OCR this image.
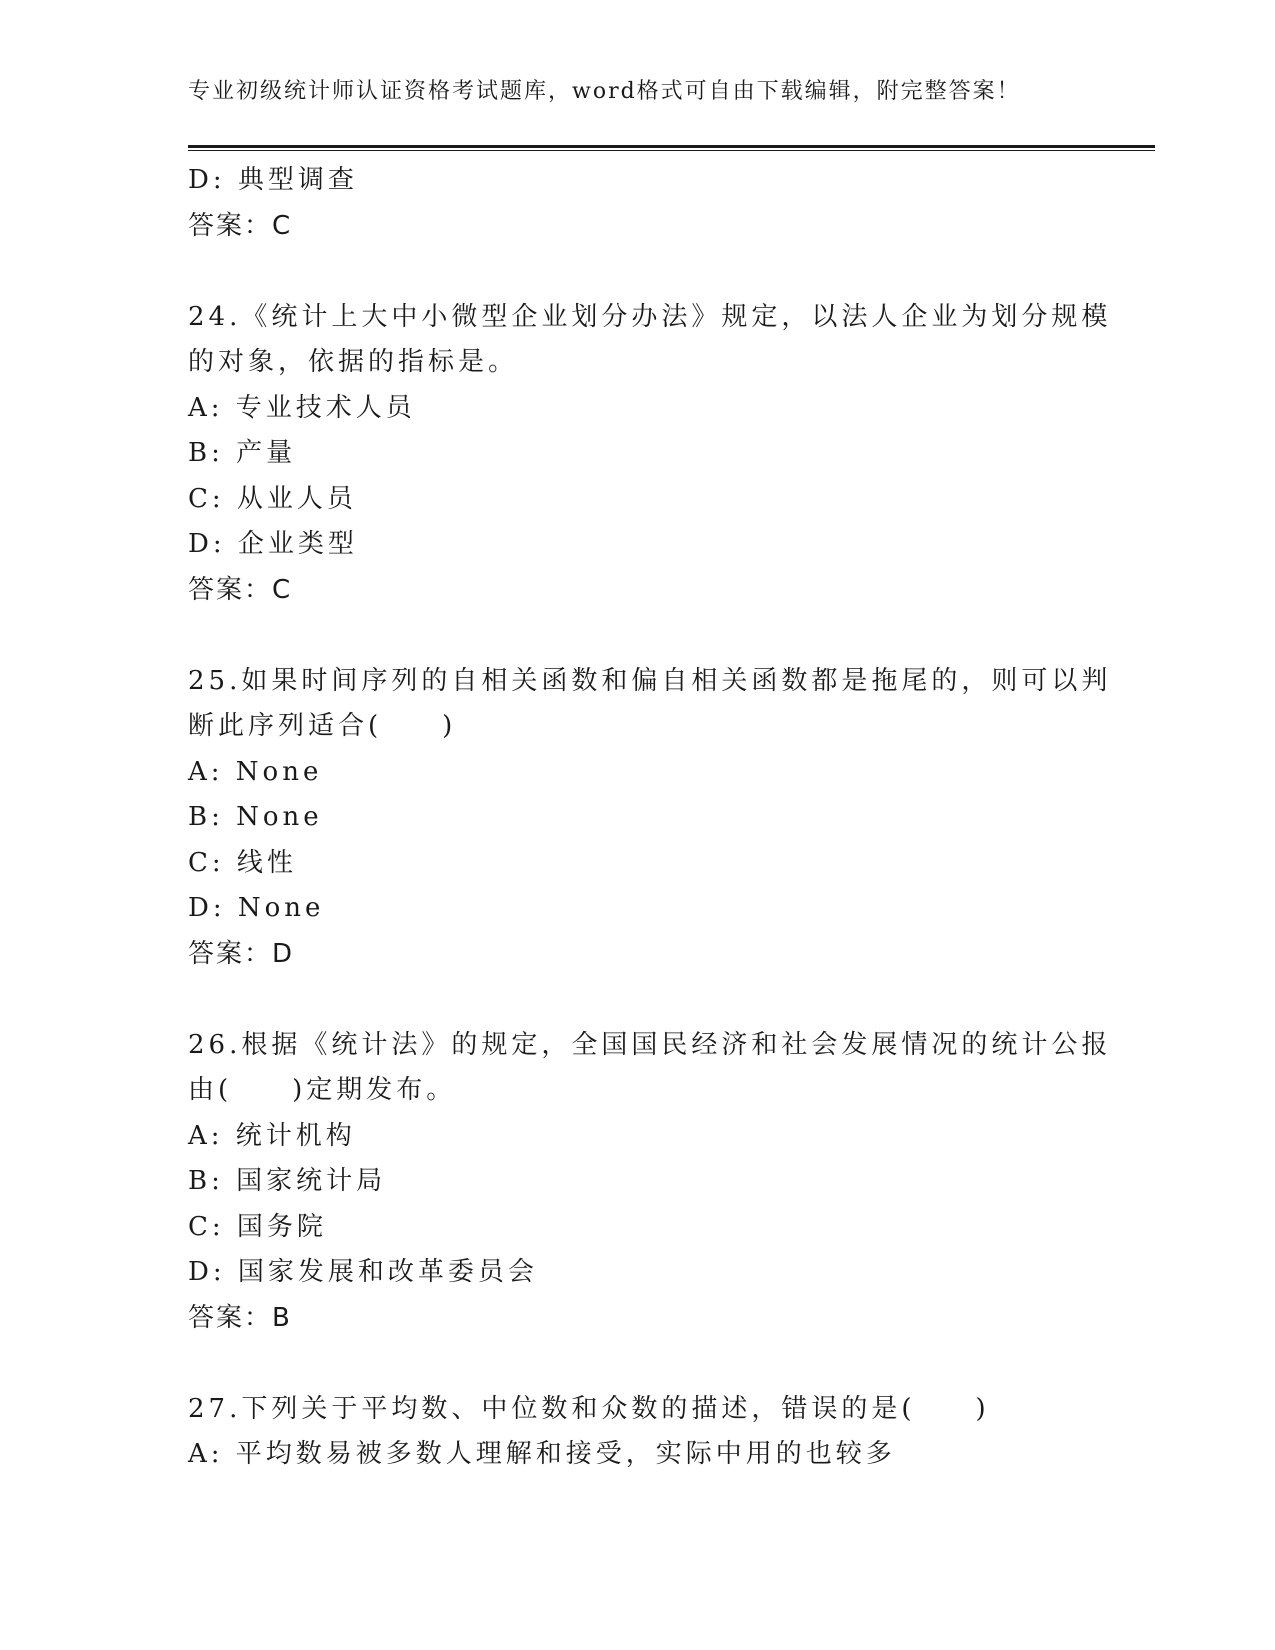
专业初级统计师认证资格考试题库，word格式可自由下载编辑，附完整答案！
D: 典型调查
答案：C
24.《统计上大中小微型企业划分办法》规定，以法人企业为划分规模
的对象，依据的指标是。
A: 专业技术人员
B: 产量
C: 从业人员
D: 企业类型
答案：C
25.如果时间序列的自相关函数和偏自相关函数都是拖尾的，则可以判
断此序列适合(　　)
A: None
B: None
C: 线性
D: None
答案：D
26.根据《统计法》的规定，全国国民经济和社会发展情况的统计公报
由(　　)定期发布。
A: 统计机构
B: 国家统计局
C: 国务院
D: 国家发展和改革委员会
答案：B
27.下列关于平均数、中位数和众数的描述，错误的是(　　)
A: 平均数易被多数人理解和接受，实际中用的也较多
